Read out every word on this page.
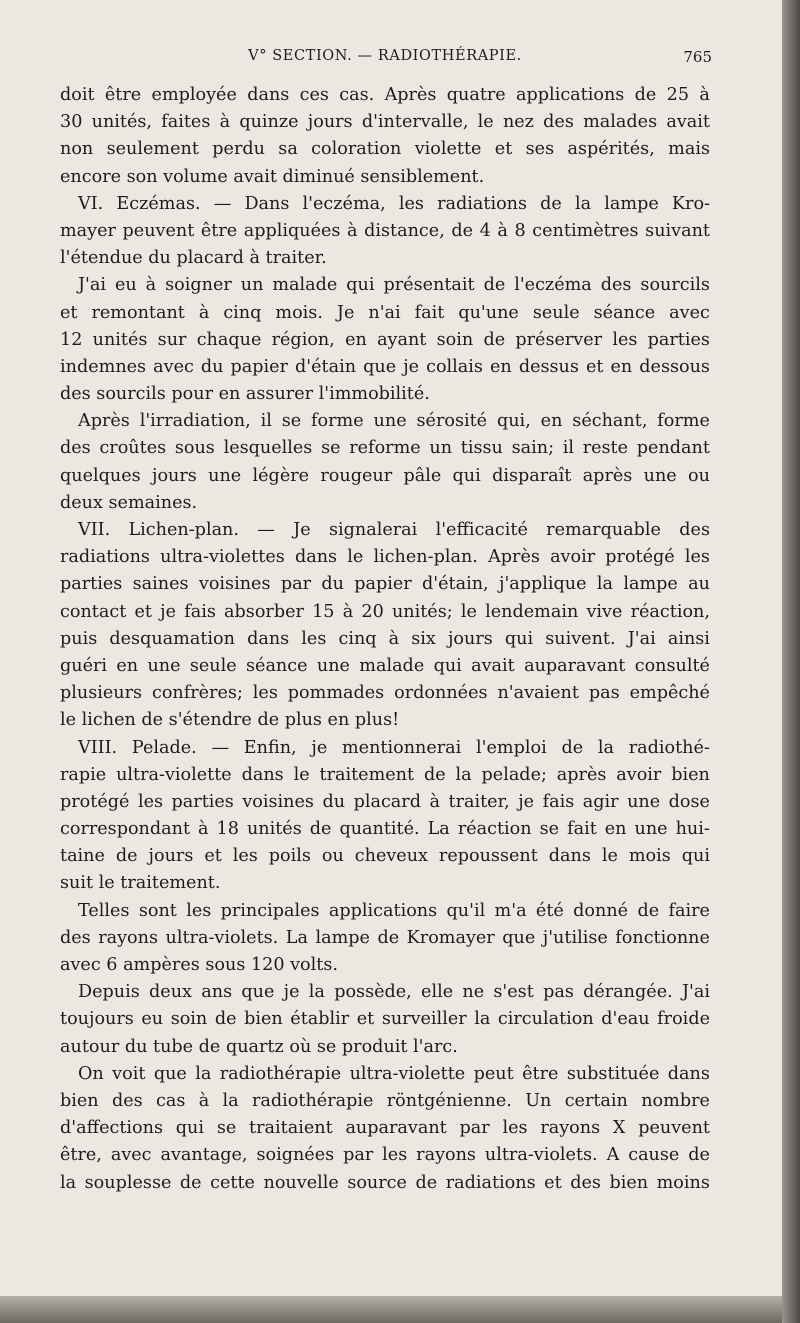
V° SECTION. — RADIOTHÉRAPIE.	765
doit être employée dans ces cas. Après quatre applications de 25 à
30 unités, faites à quinze jours d'intervalle, le nez des malades avait
non seulement perdu sa coloration violette et ses aspérités, mais
encore son volume avait diminué sensiblement.
VI. Eczémas. — Dans l'eczéma, les radiations de la lampe Kro-
mayer peuvent être appliquées à distance, de 4 à 8 centimètres suivant
l'étendue du placard à traiter.
J'ai eu à soigner un malade qui présentait de l'eczéma des sourcils
et remontant à cinq mois. Je n'ai fait qu'une seule séance avec
12 unités sur chaque région, en ayant soin de préserver les parties
indemnes avec du papier d'étain que je collais en dessus et en dessous
des sourcils pour en assurer l'immobilité.
Après l'irradiation, il se forme une sérosité qui, en séchant, forme
des croûtes sous lesquelles se reforme un tissu sain; il reste pendant
quelques jours une légère rougeur pâle qui disparaît après une ou
deux semaines.
VII. Lichen-plan. — Je signalerai l'efficacité remarquable des
radiations ultra-violettes dans le lichen-plan. Après avoir protégé les
parties saines voisines par du papier d'étain, j'applique la lampe au
contact et je fais absorber 15 à 20 unités; le lendemain vive réaction,
puis desquamation dans les cinq à six jours qui suivent. J'ai ainsi
guéri en une seule séance une malade qui avait auparavant consulté
plusieurs confrères; les pommades ordonnées n'avaient pas empêché
le lichen de s'étendre de plus en plus!
VIII. Pelade. — Enfin, je mentionnerai l'emploi de la radiothé-
rapie ultra-violette dans le traitement de la pelade; après avoir bien
protégé les parties voisines du placard à traiter, je fais agir une dose
correspondant à 18 unités de quantité. La réaction se fait en une hui-
taine de jours et les poils ou cheveux repoussent dans le mois qui
suit le traitement.
Telles sont les principales applications qu'il m'a été donné de faire
des rayons ultra-violets. La lampe de Kromayer que j'utilise fonctionne
avec 6 ampères sous 120 volts.
Depuis deux ans que je la possède, elle ne s'est pas dérangée. J'ai
toujours eu soin de bien établir et surveiller la circulation d'eau froide
autour du tube de quartz où se produit l'arc.
On voit que la radiothérapie ultra-violette peut être substituée dans
bien des cas à la radiothérapie röntgénienne. Un certain nombre
d'affections qui se traitaient auparavant par les rayons X peuvent
être, avec avantage, soignées par les rayons ultra-violets. A cause de
la souplesse de cette nouvelle source de radiations et des bien moins
